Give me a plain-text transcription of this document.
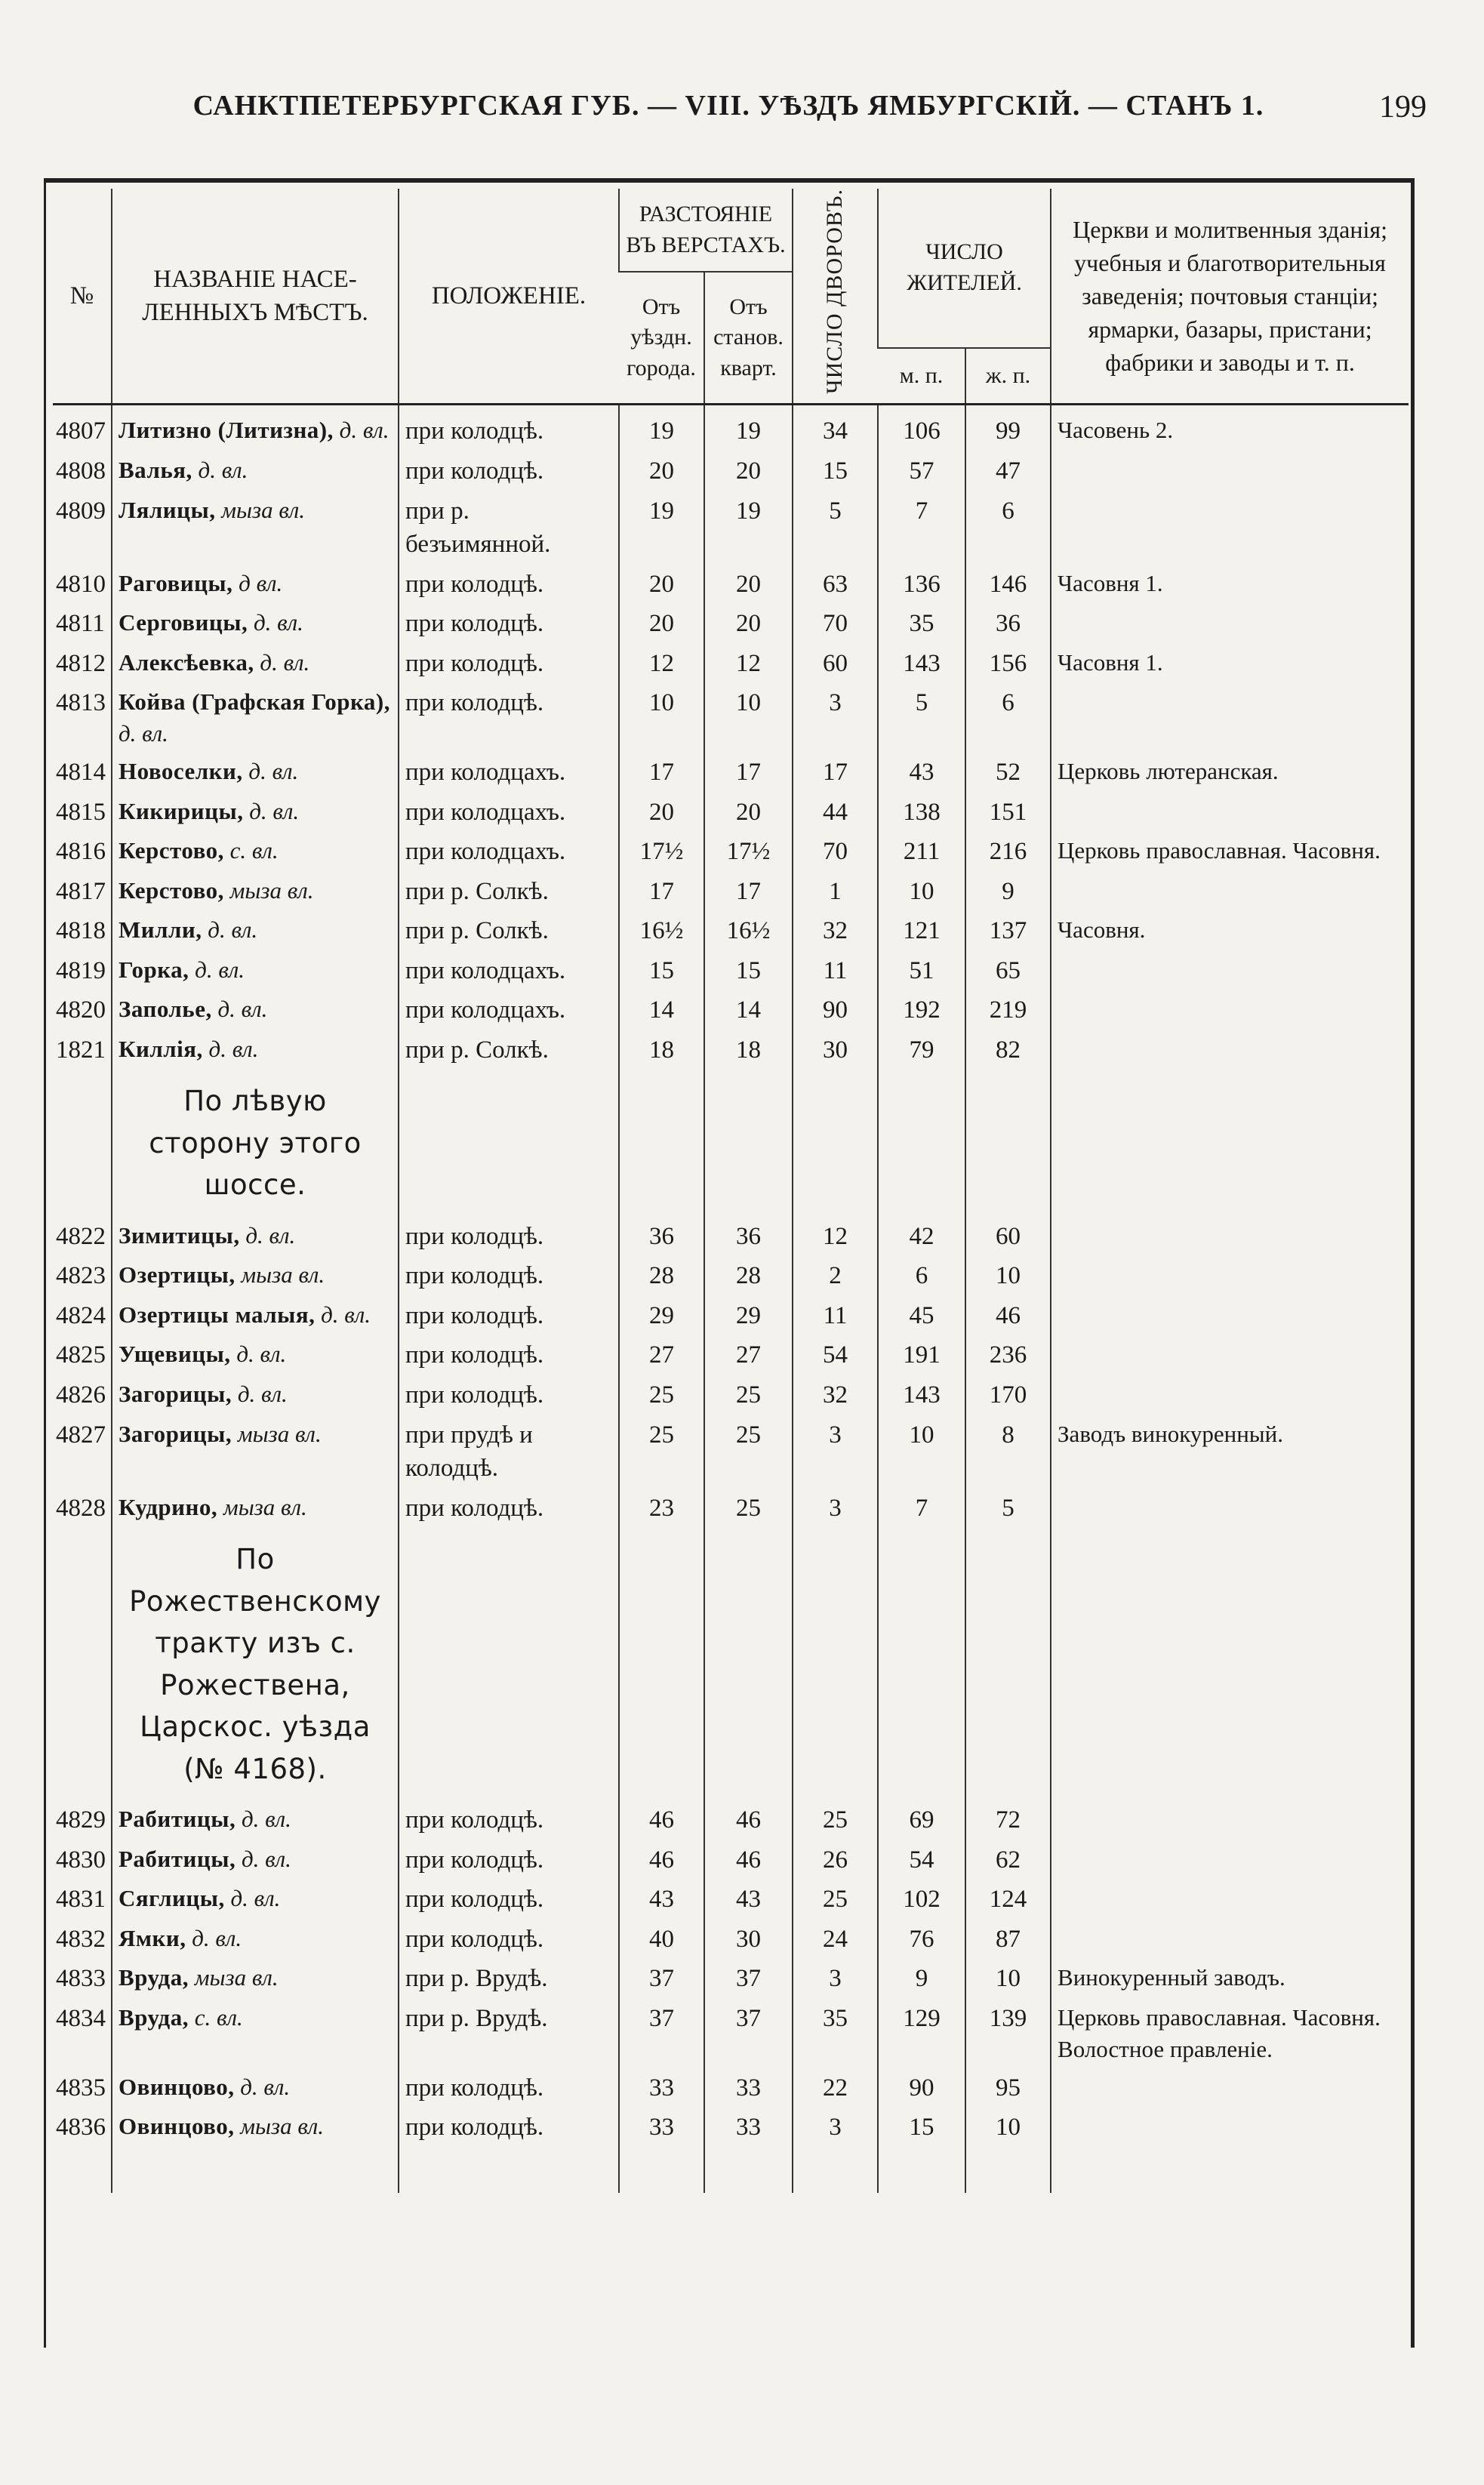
САНКТПЕТЕРБУРГСКАЯ ГУБ. — VIII. УѢЗДЪ ЯМБУРГСКIЙ. — СТАНЪ 1.	199
№	НАЗВАНIЕ НАСЕ- ЛЕННЫХЪ МѢСТЪ.	ПОЛОЖЕНIЕ.	РАЗСТОЯНIЕ ВЪ ВЕРСТАХЪ.		ЧИСЛО ДВОРОВЪ.	ЧИСЛО ЖИТЕЛЕЙ.		Церкви и молитвенныя зданія; учебныя и благотворительныя заведенія; почтовыя станціи; ярмарки, базары, пристани; фабрики и заводы и т. п.
			Отъ уѣздн. города.	Отъ станов. кварт.				
						м. п.	ж. п.	

4807	Литизно (Литизна), д. вл.	при колодцѣ.	19	19	34	106	99	Часовень 2.
4808	Валья, д. вл.	при колодцѣ.	20	20	15	57	47	
4809	Лялицы, мыза вл.	при р. безъимянной.	19	19	5	7	6	
4810	Раговицы, д вл.	при колодцѣ.	20	20	63	136	146	Часовня 1.
4811	Серговицы, д. вл.	при колодцѣ.	20	20	70	35	36	
4812	Алексѣевка, д. вл.	при колодцѣ.	12	12	60	143	156	Часовня 1.
4813	Койва (Графская Горка), д. вл.	при колодцѣ.	10	10	3	5	6	
4814	Новоселки, д. вл.	при колодцахъ.	17	17	17	43	52	Церковь лютеранская.
4815	Кикирицы, д. вл.	при колодцахъ.	20	20	44	138	151	
4816	Керстово, с. вл.	при колодцахъ.	17½	17½	70	211	216	Церковь православная. Часовня.
4817	Керстово, мыза вл.	при р. Солкѣ.	17	17	1	10	9	
4818	Милли, д. вл.	при р. Солкѣ.	16½	16½	32	121	137	Часовня.
4819	Горка, д. вл.	при колодцахъ.	15	15	11	51	65	
4820	Заполье, д. вл.	при колодцахъ.	14	14	90	192	219	
1821	Киллія, д. вл.	при р. Солкѣ.	18	18	30	79	82	
	По лѣвую сторону этого шоссе.							
4822	Зимитицы, д. вл.	при колодцѣ.	36	36	12	42	60	
4823	Озертицы, мыза вл.	при колодцѣ.	28	28	2	6	10	
4824	Озертицы малыя, д. вл.	при колодцѣ.	29	29	11	45	46	
4825	Ущевицы, д. вл.	при колодцѣ.	27	27	54	191	236	
4826	Загорицы, д. вл.	при колодцѣ.	25	25	32	143	170	
4827	Загорицы, мыза вл.	при прудѣ и колодцѣ.	25	25	3	10	8	Заводъ винокуренный.
4828	Кудрино, мыза вл.	при колодцѣ.	23	25	3	7	5	
	По Рожественскому тракту изъ с. Рожествена, Царскос. уѣзда (№ 4168).							
4829	Рабитицы, д. вл.	при колодцѣ.	46	46	25	69	72	
4830	Рабитицы, д. вл.	при колодцѣ.	46	46	26	54	62	
4831	Сяглицы, д. вл.	при колодцѣ.	43	43	25	102	124	
4832	Ямки, д. вл.	при колодцѣ.	40	30	24	76	87	
4833	Вруда, мыза вл.	при р. Врудѣ.	37	37	3	9	10	Винокуренный заводъ.
4834	Вруда, с. вл.	при р. Врудѣ.	37	37	35	129	139	Церковь православная. Часовня. Волостное правленіе.
4835	Овинцово, д. вл.	при колодцѣ.	33	33	22	90	95	
4836	Овинцово, мыза вл.	при колодцѣ.	33	33	3	15	10	
